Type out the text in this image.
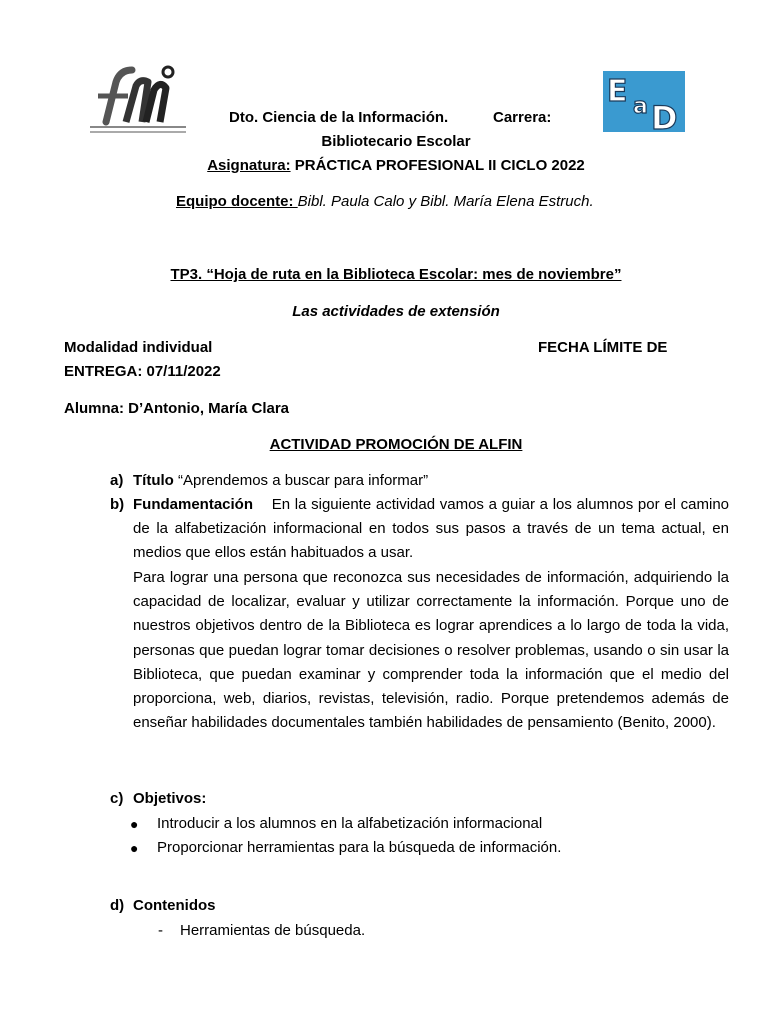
fhc
E a D
Dto. Ciencia de la Información.	Carrera:
Bibliotecario Escolar
Asignatura: PRÁCTICA PROFESIONAL II CICLO 2022
Equipo docente: Bibl. Paula Calo y Bibl. María Elena Estruch.
TP3. “Hoja de ruta en la Biblioteca Escolar: mes de noviembre”
Las actividades de extensión
Modalidad individual	FECHA LÍMITE DE
ENTREGA: 07/11/2022
Alumna: D’Antonio, María Clara
ACTIVIDAD PROMOCIÓN DE ALFIN
a) Título “Aprendemos a buscar para informar”
b) Fundamentación En la siguiente actividad vamos a guiar a los alumnos por el camino de la alfabetización informacional en todos sus pasos a través de un tema actual, en medios que ellos están habituados a usar.
Para lograr una persona que reconozca sus necesidades de información, adquiriendo la capacidad de localizar, evaluar y utilizar correctamente la información. Porque uno de nuestros objetivos dentro de la Biblioteca es lograr aprendices a lo largo de toda la vida, personas que puedan lograr tomar decisiones o resolver problemas, usando o sin usar la Biblioteca, que puedan examinar y comprender toda la información que el medio del proporciona, web, diarios, revistas, televisión, radio. Porque pretendemos además de enseñar habilidades documentales también habilidades de pensamiento (Benito, 2000).
c) Objetivos:
● Introducir a los alumnos en la alfabetización informacional
● Proporcionar herramientas para la búsqueda de información.
d) Contenidos
- Herramientas de búsqueda.
